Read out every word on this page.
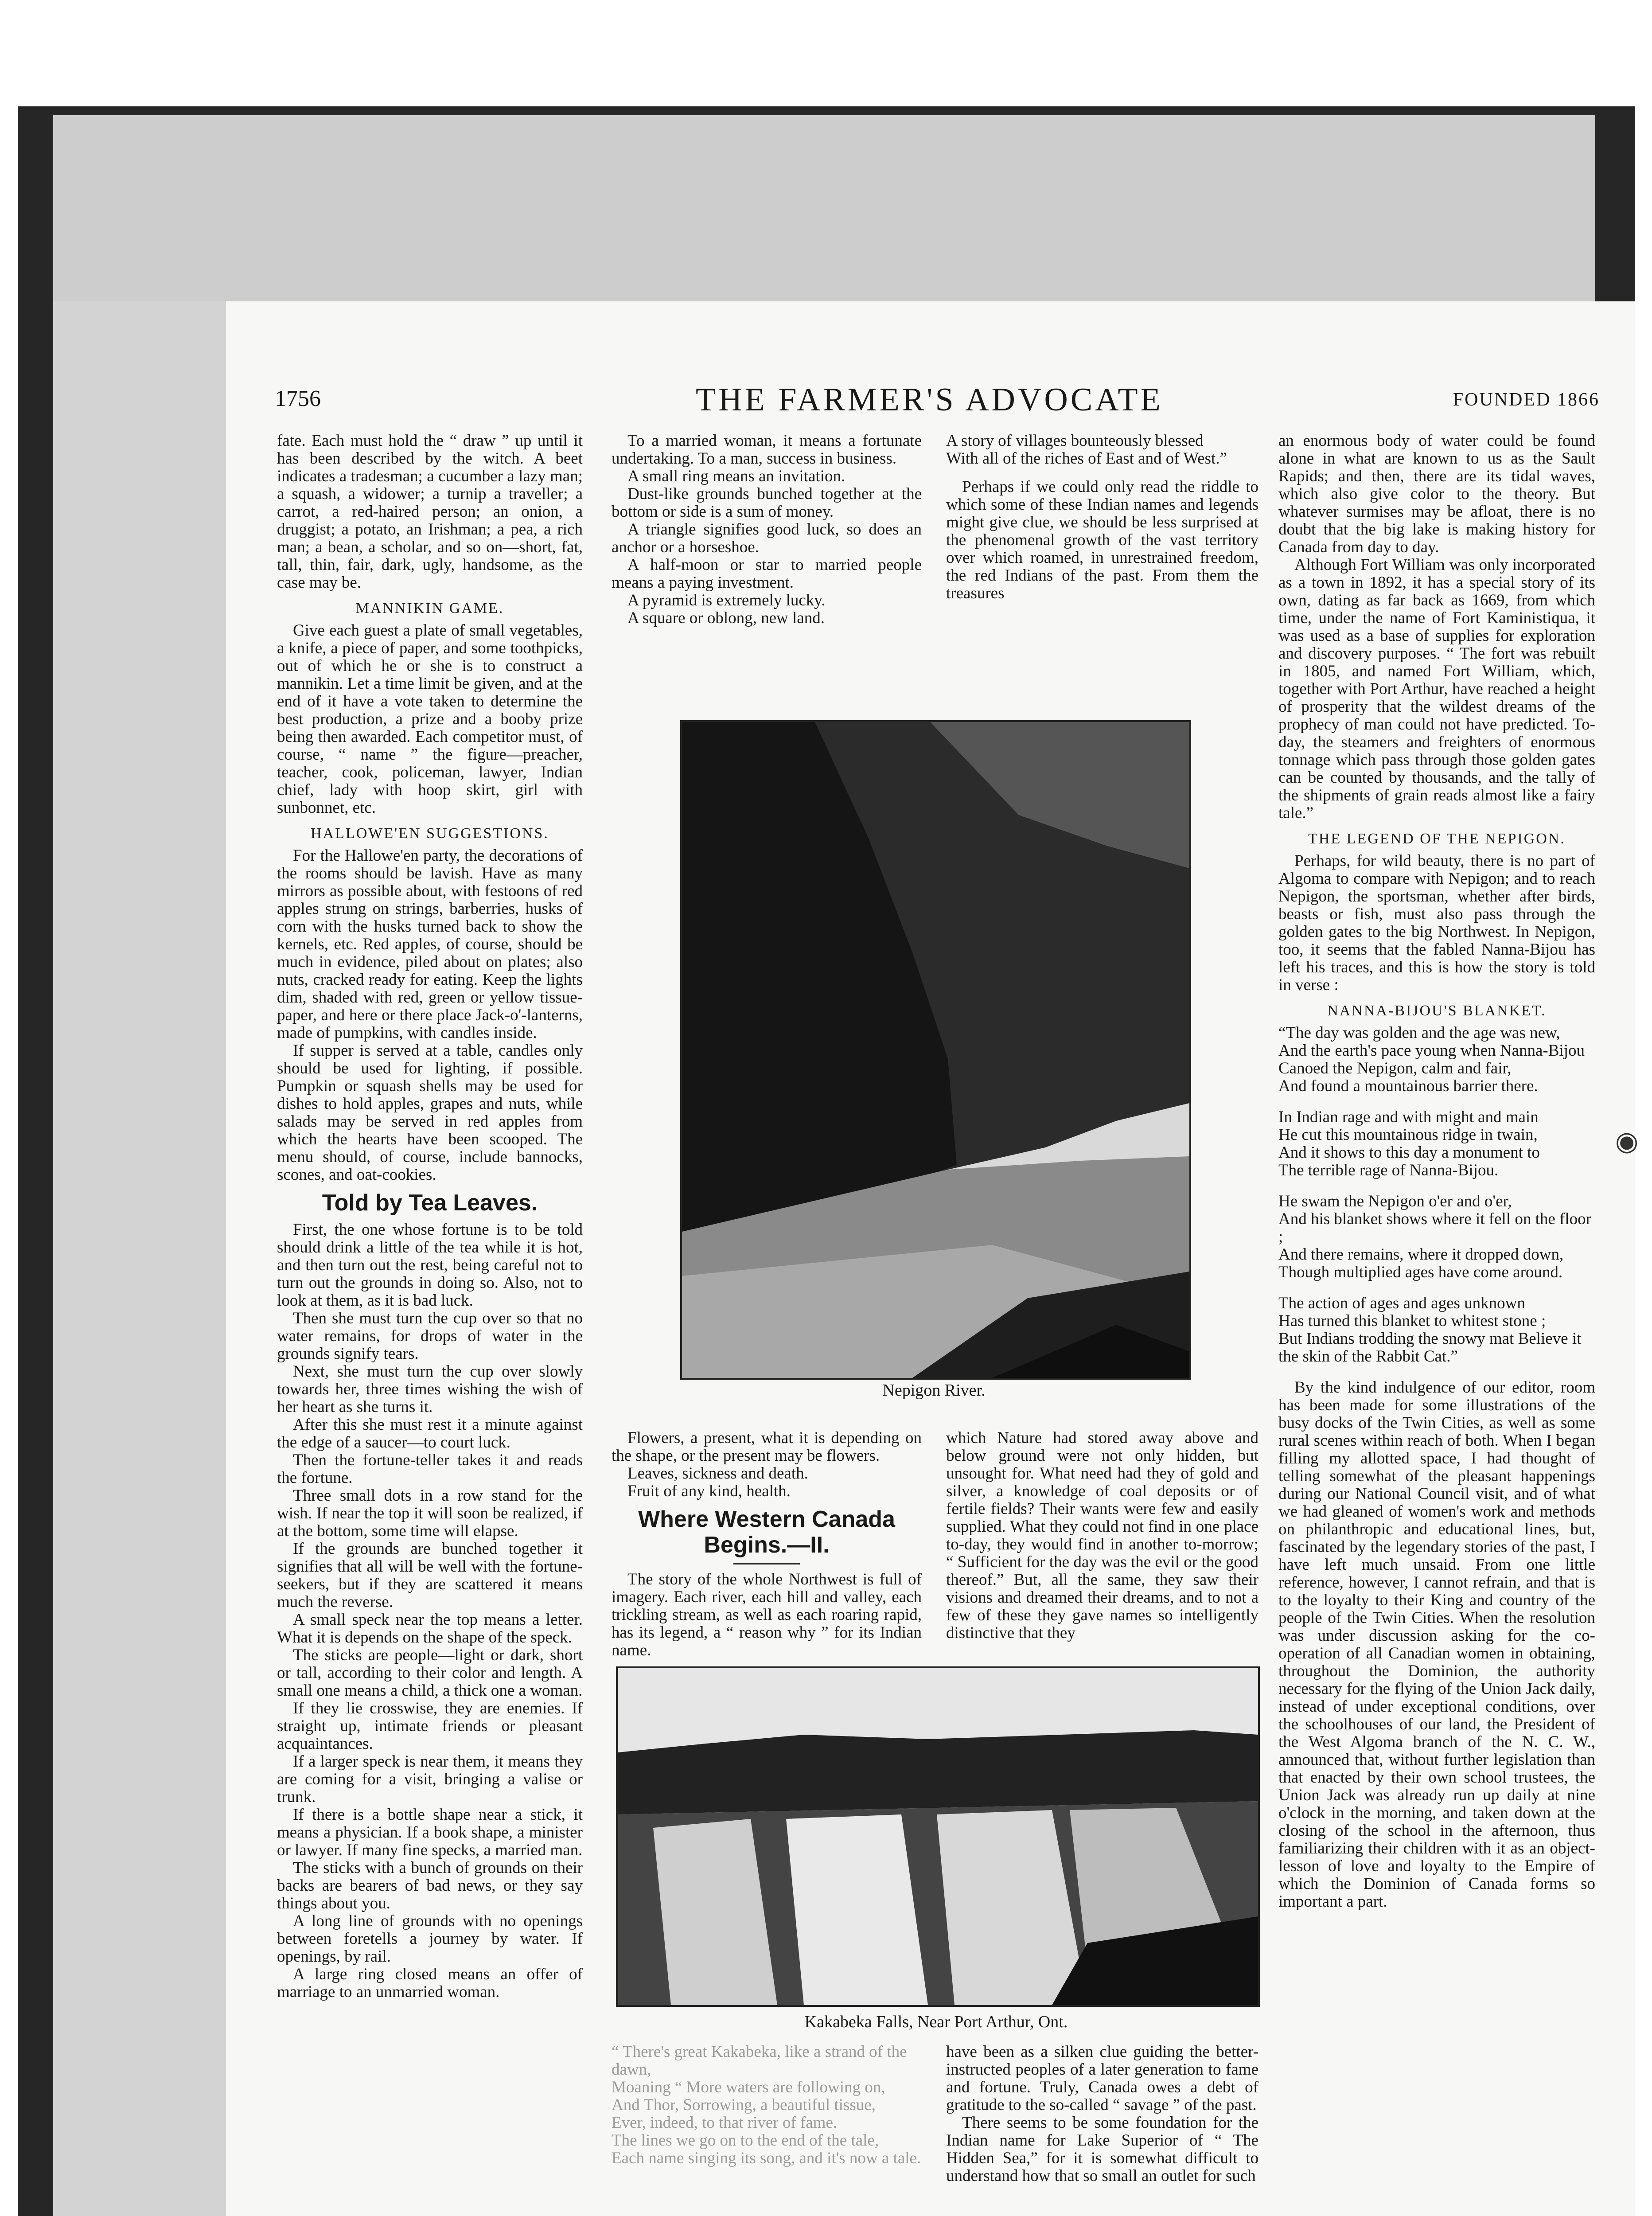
1756	THE FARMER'S ADVOCATE	FOUNDED 1866

fate. Each must hold the “ draw ” up until it has been described by the witch. A beet indicates a tradesman; a cucumber a lazy man; a squash, a widower; a turnip a traveller; a carrot, a red-haired person; an onion, a druggist; a potato, an Irishman; a pea, a rich man; a bean, a scholar, and so on—short, fat, tall, thin, fair, dark, ugly, handsome, as the case may be.

MANNIKIN GAME.

Give each guest a plate of small vegetables, a knife, a piece of paper, and some toothpicks, out of which he or she is to construct a mannikin. Let a time limit be given, and at the end of it have a vote taken to determine the best production, a prize and a booby prize being then awarded. Each competitor must, of course, “ name ” the figure—preacher, teacher, cook, policeman, lawyer, Indian chief, lady with hoop skirt, girl with sunbonnet, etc.

HALLOWE'EN SUGGESTIONS.

For the Hallowe'en party, the decorations of the rooms should be lavish. Have as many mirrors as possible about, with festoons of red apples strung on strings, barberries, husks of corn with the husks turned back to show the kernels, etc. Red apples, of course, should be much in evidence, piled about on plates; also nuts, cracked ready for eating. Keep the lights dim, shaded with red, green or yellow tissue-paper, and here or there place Jack-o'-lanterns, made of pumpkins, with candles inside.

If supper is served at a table, candles only should be used for lighting, if possible. Pumpkin or squash shells may be used for dishes to hold apples, grapes and nuts, while salads may be served in red apples from which the hearts have been scooped. The menu should, of course, include bannocks, scones, and oat-cookies.

Told by Tea Leaves.

First, the one whose fortune is to be told should drink a little of the tea while it is hot, and then turn out the rest, being careful not to turn out the grounds in doing so. Also, not to look at them, as it is bad luck.

Then she must turn the cup over so that no water remains, for drops of water in the grounds signify tears.

Next, she must turn the cup over slowly towards her, three times wishing the wish of her heart as she turns it.

After this she must rest it a minute against the edge of a saucer—to court luck.

Then the fortune-teller takes it and reads the fortune.

Three small dots in a row stand for the wish. If near the top it will soon be realized, if at the bottom, some time will elapse.

If the grounds are bunched together it signifies that all will be well with the fortune-seekers, but if they are scattered it means much the reverse.

A small speck near the top means a letter. What it is depends on the shape of the speck.

The sticks are people—light or dark, short or tall, according to their color and length. A small one means a child, a thick one a woman.

If they lie crosswise, they are enemies. If straight up, intimate friends or pleasant acquaintances.

If a larger speck is near them, it means they are coming for a visit, bringing a valise or trunk.

If there is a bottle shape near a stick, it means a physician. If a book shape, a minister or lawyer. If many fine specks, a married man.

The sticks with a bunch of grounds on their backs are bearers of bad news, or they say things about you.

A long line of grounds with no openings between foretells a journey by water. If openings, by rail.

A large ring closed means an offer of marriage to an unmarried woman.

To a married woman, it means a fortunate undertaking. To a man, success in business.

A small ring means an invitation.

Dust-like grounds bunched together at the bottom or side is a sum of money.

A triangle signifies good luck, so does an anchor or a horseshoe.

A half-moon or star to married people means a paying investment.

A pyramid is extremely lucky.

A square or oblong, new land.

A story of villages bounteously blessed

With all of the riches of East and of West.”

Perhaps if we could only read the riddle to which some of these Indian names and legends might give clue, we should be less surprised at the phenomenal growth of the vast territory over which roamed, in unrestrained freedom, the red Indians of the past. From them the treasures

Nepigon River.

Flowers, a present, what it is depending on the shape, or the present may be flowers.

Leaves, sickness and death.

Fruit of any kind, health.

Where Western Canada Begins.—II.

The story of the whole Northwest is full of imagery. Each river, each hill and valley, each trickling stream, as well as each roaring rapid, has its legend, a “ reason why ” for its Indian name.

which Nature had stored away above and below ground were not only hidden, but unsought for. What need had they of gold and silver, a knowledge of coal deposits or of fertile fields? Their wants were few and easily supplied. What they could not find in one place to-day, they would find in another to-morrow; “ Sufficient for the day was the evil or the good thereof.” But, all the same, they saw their visions and dreamed their dreams, and to not a few of these they gave names so intelligently distinctive that they

Kakabeka Falls, Near Port Arthur, Ont.

“ There's great Kakabeka, like a strand of the dawn,

Moaning “ More waters are following on,

And Thor, Sorrowing, a beautiful tissue,

Ever, indeed, to that river of fame.

The lines we go on to the end of the tale,

Each name singing its song, and it's now a tale.

have been as a silken clue guiding the better-instructed peoples of a later generation to fame and fortune. Truly, Canada owes a debt of gratitude to the so-called “ savage ” of the past.

There seems to be some foundation for the Indian name for Lake Superior of “ The Hidden Sea,” for it is somewhat difficult to understand how that so small an outlet for such

an enormous body of water could be found alone in what are known to us as the Sault Rapids; and then, there are its tidal waves, which also give color to the theory. But whatever surmises may be afloat, there is no doubt that the big lake is making history for Canada from day to day.

Although Fort William was only incorporated as a town in 1892, it has a special story of its own, dating as far back as 1669, from which time, under the name of Fort Kaministiqua, it was used as a base of supplies for exploration and discovery purposes. “ The fort was rebuilt in 1805, and named Fort William, which, together with Port Arthur, have reached a height of prosperity that the wildest dreams of the prophecy of man could not have predicted. To-day, the steamers and freighters of enormous tonnage which pass through those golden gates can be counted by thousands, and the tally of the shipments of grain reads almost like a fairy tale.”

THE LEGEND OF THE NEPIGON.

Perhaps, for wild beauty, there is no part of Algoma to compare with Nepigon; and to reach Nepigon, the sportsman, whether after birds, beasts or fish, must also pass through the golden gates to the big Northwest. In Nepigon, too, it seems that the fabled Nanna-Bijou has left his traces, and this is how the story is told in verse :

NANNA-BIJOU'S BLANKET.

“The day was golden and the age was new,

And the earth's pace young when Nanna-Bijou

Canoed the Nepigon, calm and fair,

And found a mountainous barrier there.

In Indian rage and with might and main

He cut this mountainous ridge in twain,

And it shows to this day a monument to

The terrible rage of Nanna-Bijou.

He swam the Nepigon o'er and o'er,

And his blanket shows where it fell on the floor ;

And there remains, where it dropped down,

Though multiplied ages have come around.

The action of ages and ages unknown

Has turned this blanket to whitest stone ;

But Indians trodding the snowy mat Believe it the skin of the Rabbit Cat.”

By the kind indulgence of our editor, room has been made for some illustrations of the busy docks of the Twin Cities, as well as some rural scenes within reach of both. When I began filling my allotted space, I had thought of telling somewhat of the pleasant happenings during our National Council visit, and of what we had gleaned of women's work and methods on philanthropic and educational lines, but, fascinated by the legendary stories of the past, I have left much unsaid. From one little reference, however, I cannot refrain, and that is to the loyalty to their King and country of the people of the Twin Cities. When the resolution was under discussion asking for the co-operation of all Canadian women in obtaining, throughout the Dominion, the authority necessary for the flying of the Union Jack daily, instead of under exceptional conditions, over the schoolhouses of our land, the President of the West Algoma branch of the N. C. W., announced that, without further legislation than that enacted by their own school trustees, the Union Jack was already run up daily at nine o'clock in the morning, and taken down at the closing of the school in the afternoon, thus familiarizing their children with it as an object-lesson of love and loyalty to the Empire of which the Dominion of Canada forms so important a part.

◉
